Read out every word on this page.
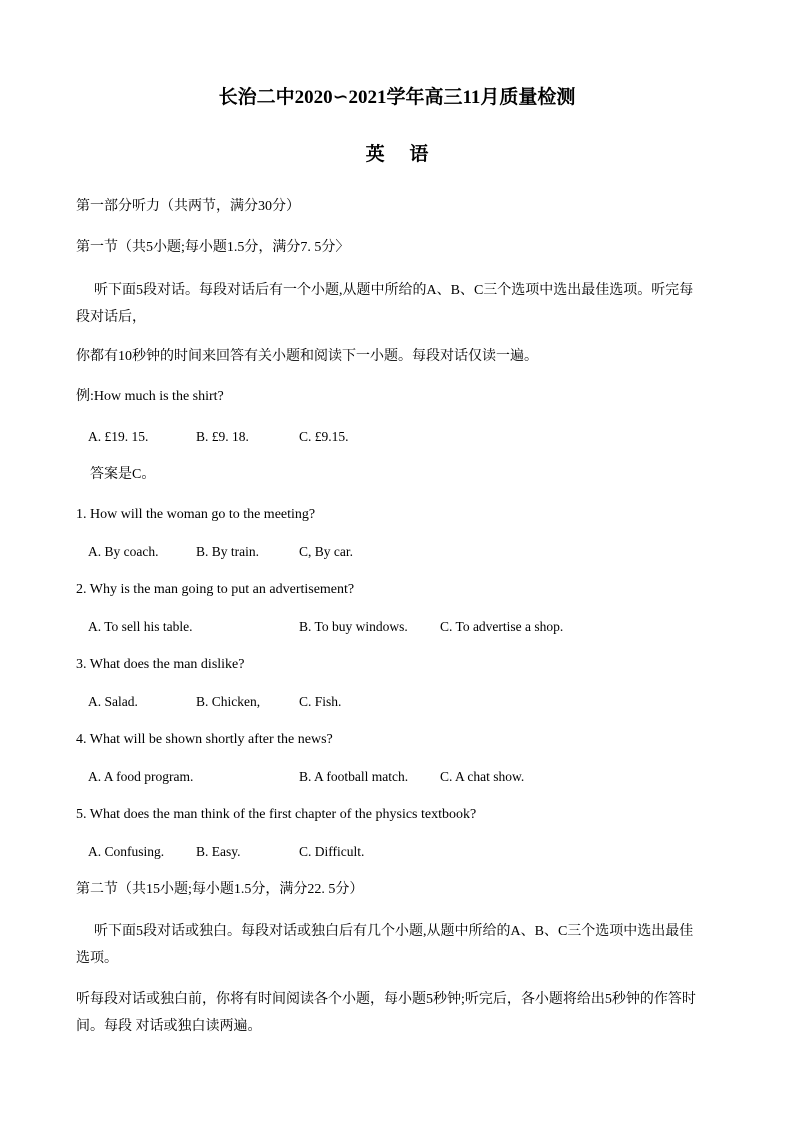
长治二中2020∽2021学年高三11月质量检测
英 语
第一部分听力（共两节，满分30分）
第一节（共5小题;每小题1.5分，满分7. 5分〉
听下面5段对话。每段对话后有一个小题,从题中所给的A、B、C三个选项中选出最佳选项。听完每
段对话后，
你都有10秒钟的时间来回答有关小题和阅读下一小题。每段对话仅读一遍。
例:How much is the shirt?
A. £19. 15.	B. £9. 18.	C. £9.15.
答案是C。
1. How will the woman go to the meeting?
A. By coach.	B. By train.	C, By car.
2. Why is the man going to put an advertisement?
A. To sell his table.	B. To buy windows. C. To advertise a shop.
3. What does the man dislike?
A. Salad.	B. Chicken,	C. Fish.
4. What will be shown shortly after the news?
A. A food program.	B. A football match. C. A chat show.
5. What does the man think of the first chapter of the physics textbook?
A. Confusing. B. Easy.	C. Difficult.
第二节（共15小题;每小题1.5分，满分22. 5分）
听下面5段对话或独白。每段对话或独白后有几个小题,从题中所给的A、B、C三个选项中选出最佳
选项。
听每段对话或独白前，你将有时间阅读各个小题，每小题5秒钟;听完后，各小题将给出5秒钟的作答时
间。每段 对话或独白读两遍。
